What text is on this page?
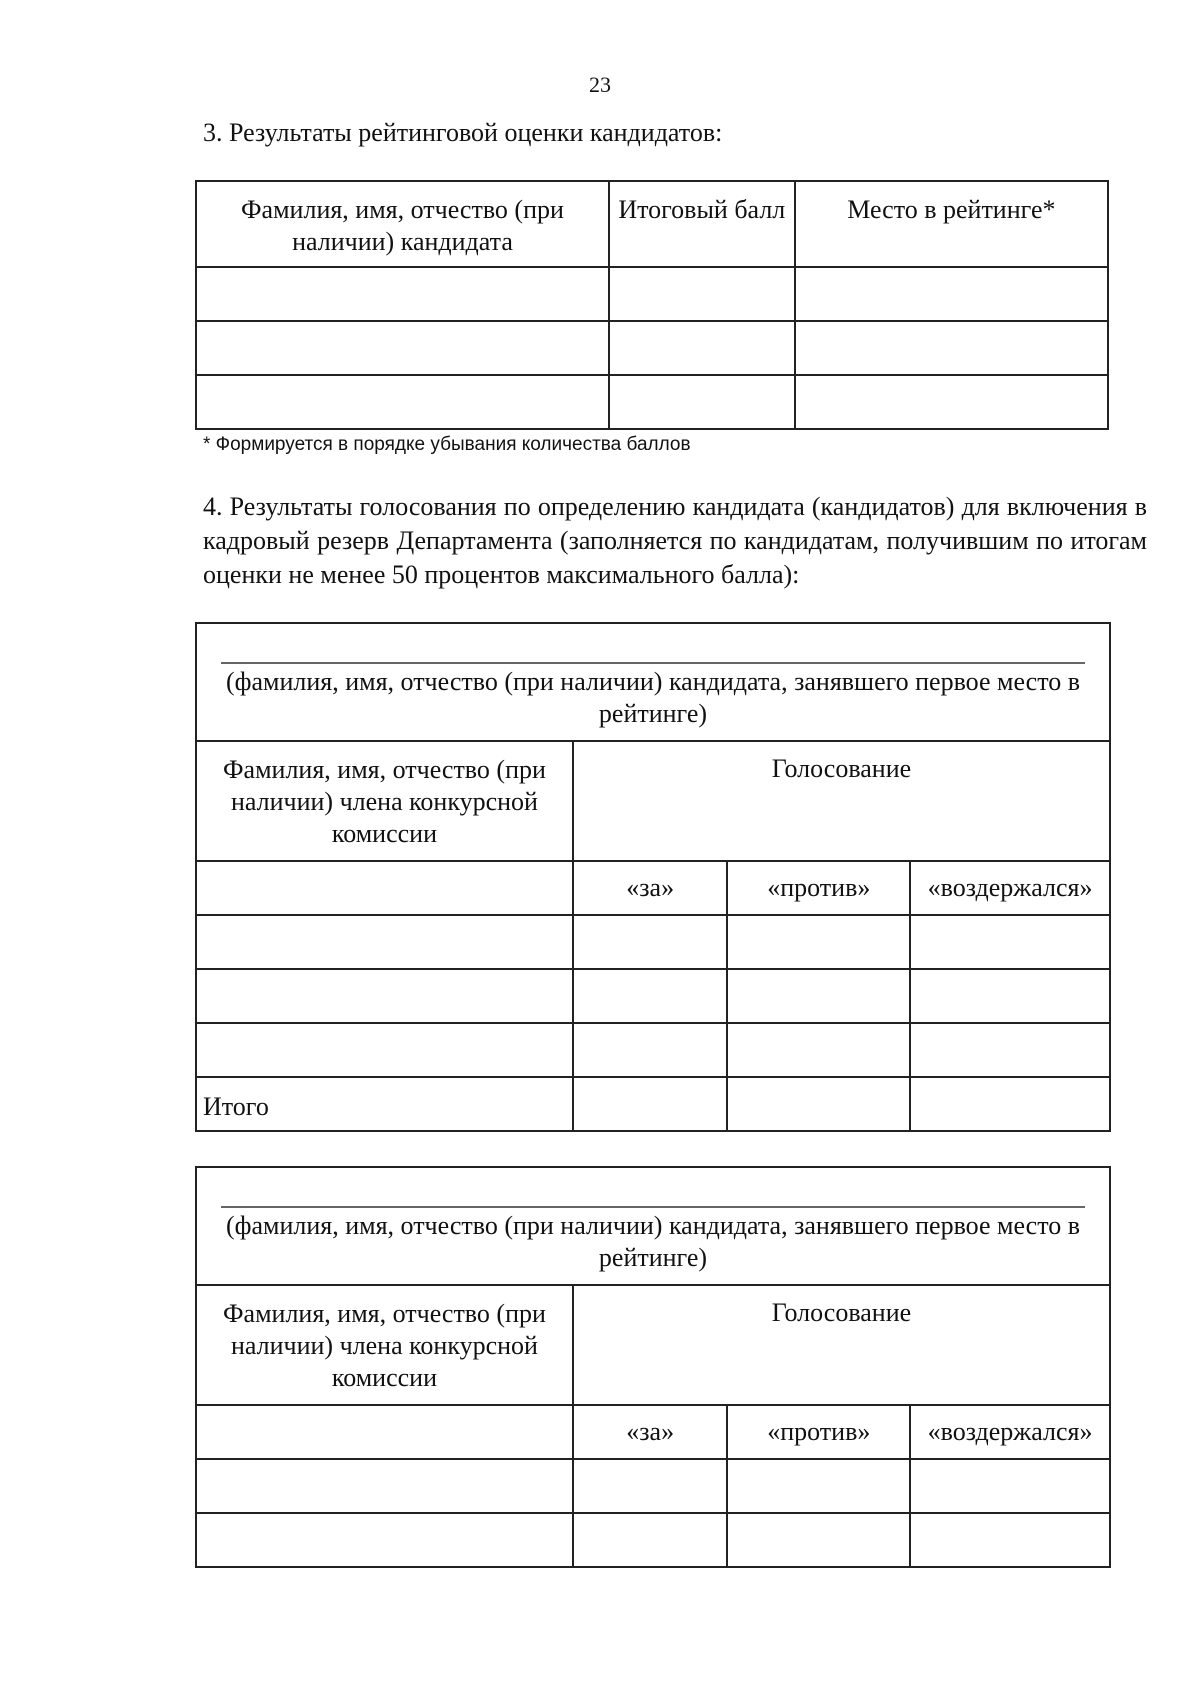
23
3. Результаты рейтинговой оценки кандидатов:
Фамилия, имя, отчество (при наличии) кандидата	Итоговый балл	Место в рейтинге*

* Формируется в порядке убывания количества баллов
4. Результаты голосования по определению кандидата (кандидатов) для включения в кадровый резерв Департамента (заполняется по кандидатам, получившим по итогам оценки не менее 50 процентов максимального балла):
(фамилия, имя, отчество (при наличии) кандидата, занявшего первое место в рейтинге)			
Фамилия, имя, отчество (при наличии) члена конкурсной комиссии	Голосование		
	«за»	«против»	«воздержался»

Итого			
(фамилия, имя, отчество (при наличии) кандидата, занявшего первое место в рейтинге)			
Фамилия, имя, отчество (при наличии) члена конкурсной комиссии	Голосование		
	«за»	«против»	«воздержался»
